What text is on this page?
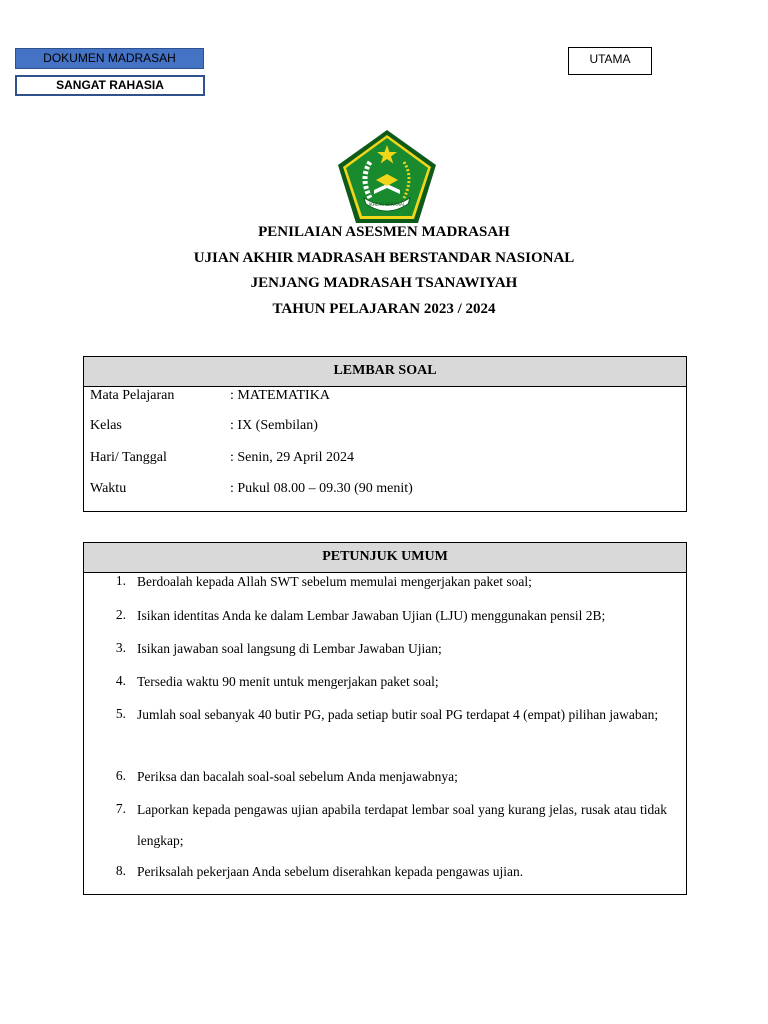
DOKUMEN MADRASAH
SANGAT RAHASIA
UTAMA
IKHLAS BERAMAL
PENILAIAN ASESMEN MADRASAH
UJIAN AKHIR MADRASAH BERSTANDAR NASIONAL
JENJANG MADRASAH TSANAWIYAH
TAHUN PELAJARAN 2023 / 2024
LEMBAR SOAL
Mata Pelajaran	: MATEMATIKA
Kelas	: IX (Sembilan)
Hari/ Tanggal	: Senin, 29 April 2024
Waktu	: Pukul 08.00 – 09.30 (90 menit)
PETUNJUK UMUM
1. Berdoalah kepada Allah SWT sebelum memulai mengerjakan paket soal;
2. Isikan identitas Anda ke dalam Lembar Jawaban Ujian (LJU) menggunakan pensil 2B;
3. Isikan jawaban soal langsung di Lembar Jawaban Ujian;
4. Tersedia waktu 90 menit untuk mengerjakan paket soal;
5. Jumlah soal sebanyak 40 butir PG, pada setiap butir soal PG terdapat 4 (empat) pilihan jawaban;
6. Periksa dan bacalah soal-soal sebelum Anda menjawabnya;
7. Laporkan kepada pengawas ujian apabila terdapat lembar soal yang kurang jelas, rusak atau tidak lengkap;
8. Periksalah pekerjaan Anda sebelum diserahkan kepada pengawas ujian.
